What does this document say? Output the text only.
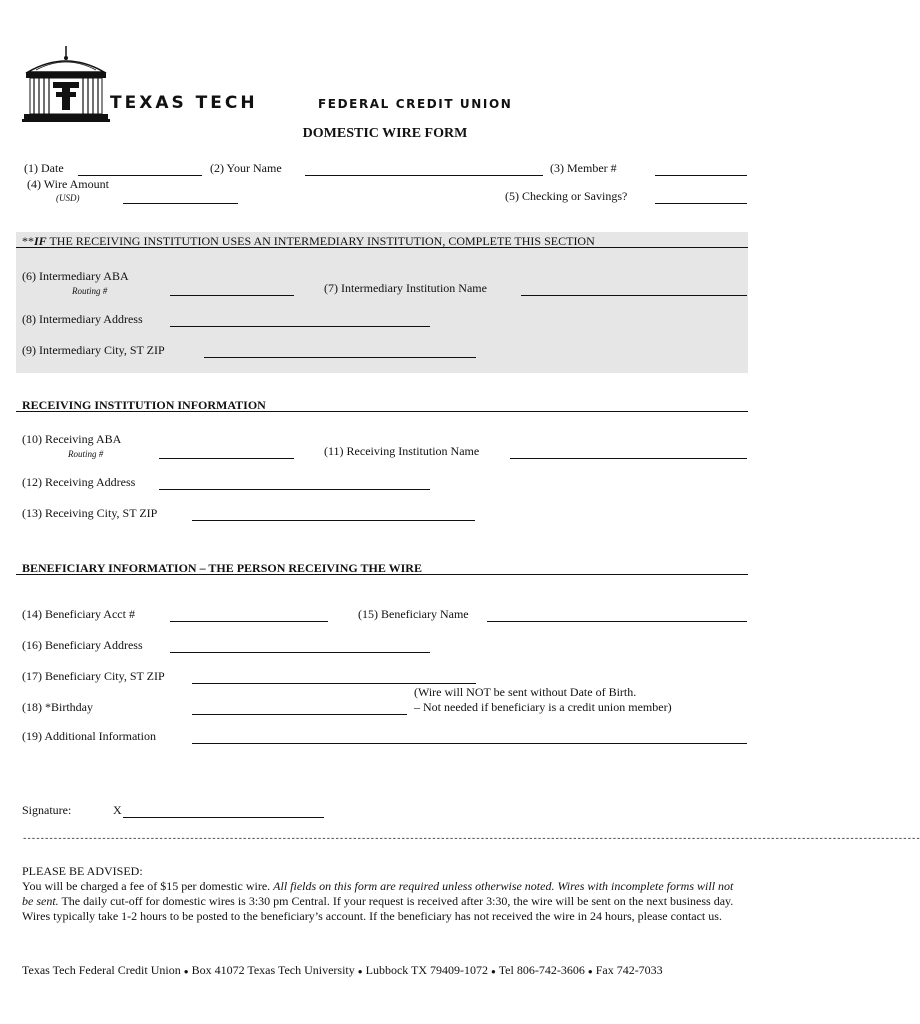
TEXAS TECH	FEDERAL CREDIT UNION
DOMESTIC WIRE FORM
(1) Date	(2) Your Name	(3) Member #
(4) Wire Amount
(USD)	(5) Checking or Savings?
**IF THE RECEIVING INSTITUTION USES AN INTERMEDIARY INSTITUTION, COMPLETE THIS SECTION
(6) Intermediary ABA
Routing #	(7) Intermediary Institution Name
(8) Intermediary Address
(9) Intermediary City, ST ZIP
RECEIVING INSTITUTION INFORMATION
(10) Receiving ABA
Routing #	(11) Receiving Institution Name
(12) Receiving Address
(13) Receiving City, ST ZIP
BENEFICIARY INFORMATION – THE PERSON RECEIVING THE WIRE
(14) Beneficiary Acct #	(15) Beneficiary Name
(16) Beneficiary Address
(17) Beneficiary City, ST ZIP
(Wire will NOT be sent without Date of Birth.
(18) *Birthday	– Not needed if beneficiary is a credit union member)
(19) Additional Information
Signature:	X
------------------------------------------------------------------------------------------------------------------------------------------------------------------------------------------------------------
PLEASE BE ADVISED:
You will be charged a fee of $15 per domestic wire. All fields on this form are required unless otherwise noted. Wires with incomplete forms will not be sent. The daily cut-off for domestic wires is 3:30 pm Central. If your request is received after 3:30, the wire will be sent on the next business day. Wires typically take 1-2 hours to be posted to the beneficiary’s account. If the beneficiary has not received the wire in 24 hours, please contact us.
Texas Tech Federal Credit Union ● Box 41072 Texas Tech University ● Lubbock TX 79409-1072 ● Tel 806-742-3606 ● Fax 742-7033
